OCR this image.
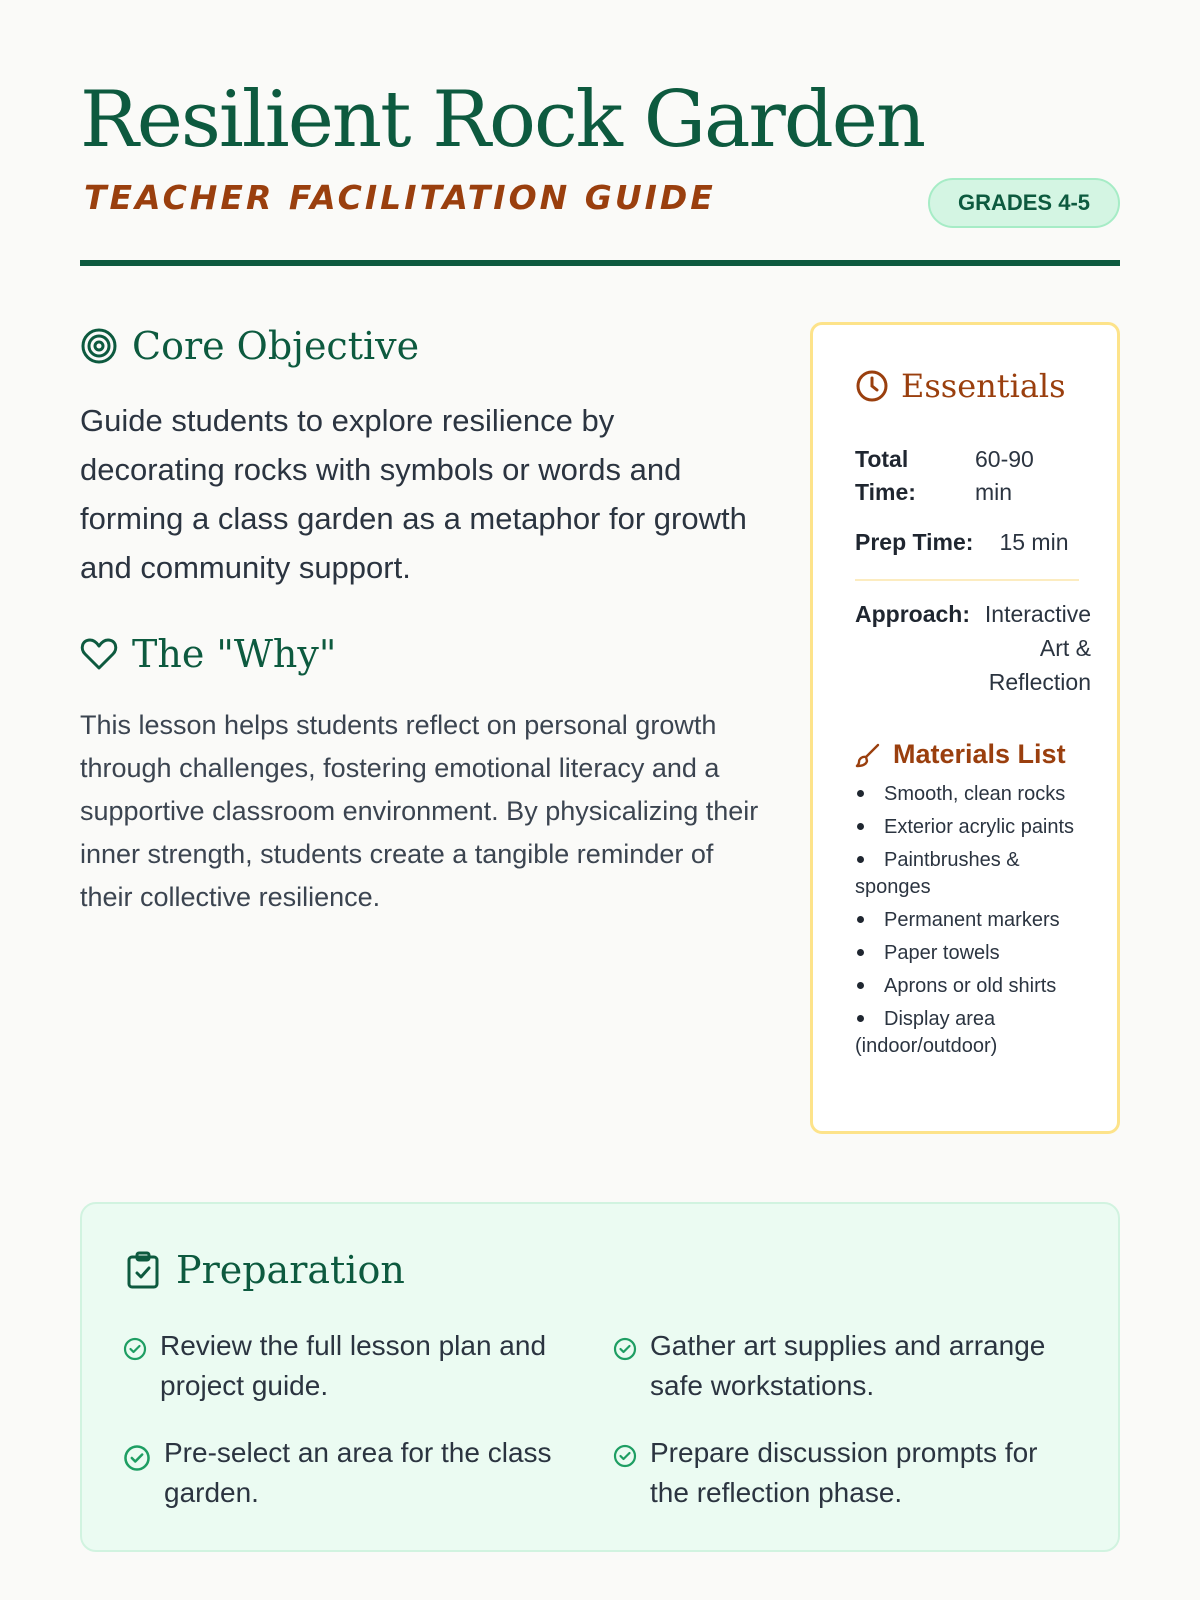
Resilient Rock Garden
TEACHER FACILITATION GUIDE	GRADES 4-5
Core Objective
Guide students to explore resilience by decorating rocks with symbols or words and forming a class garden as a metaphor for growth and community support.
The "Why"
This lesson helps students reflect on personal growth through challenges, fostering emotional literacy and a supportive classroom environment. By physicalizing their inner strength, students create a tangible reminder of their collective resilience.
Essentials
Total Time:
60-90 min
Prep Time: 15 min
Approach: Interactive Art & Reflection
Materials List
Smooth, clean rocks
Exterior acrylic paints
Paintbrushes & sponges
Permanent markers
Paper towels
Aprons or old shirts
Display area (indoor/outdoor)
Preparation
Review the full lesson plan and project guide.
Gather art supplies and arrange safe workstations.
Pre-select an area for the class garden.
Prepare discussion prompts for the reflection phase.
